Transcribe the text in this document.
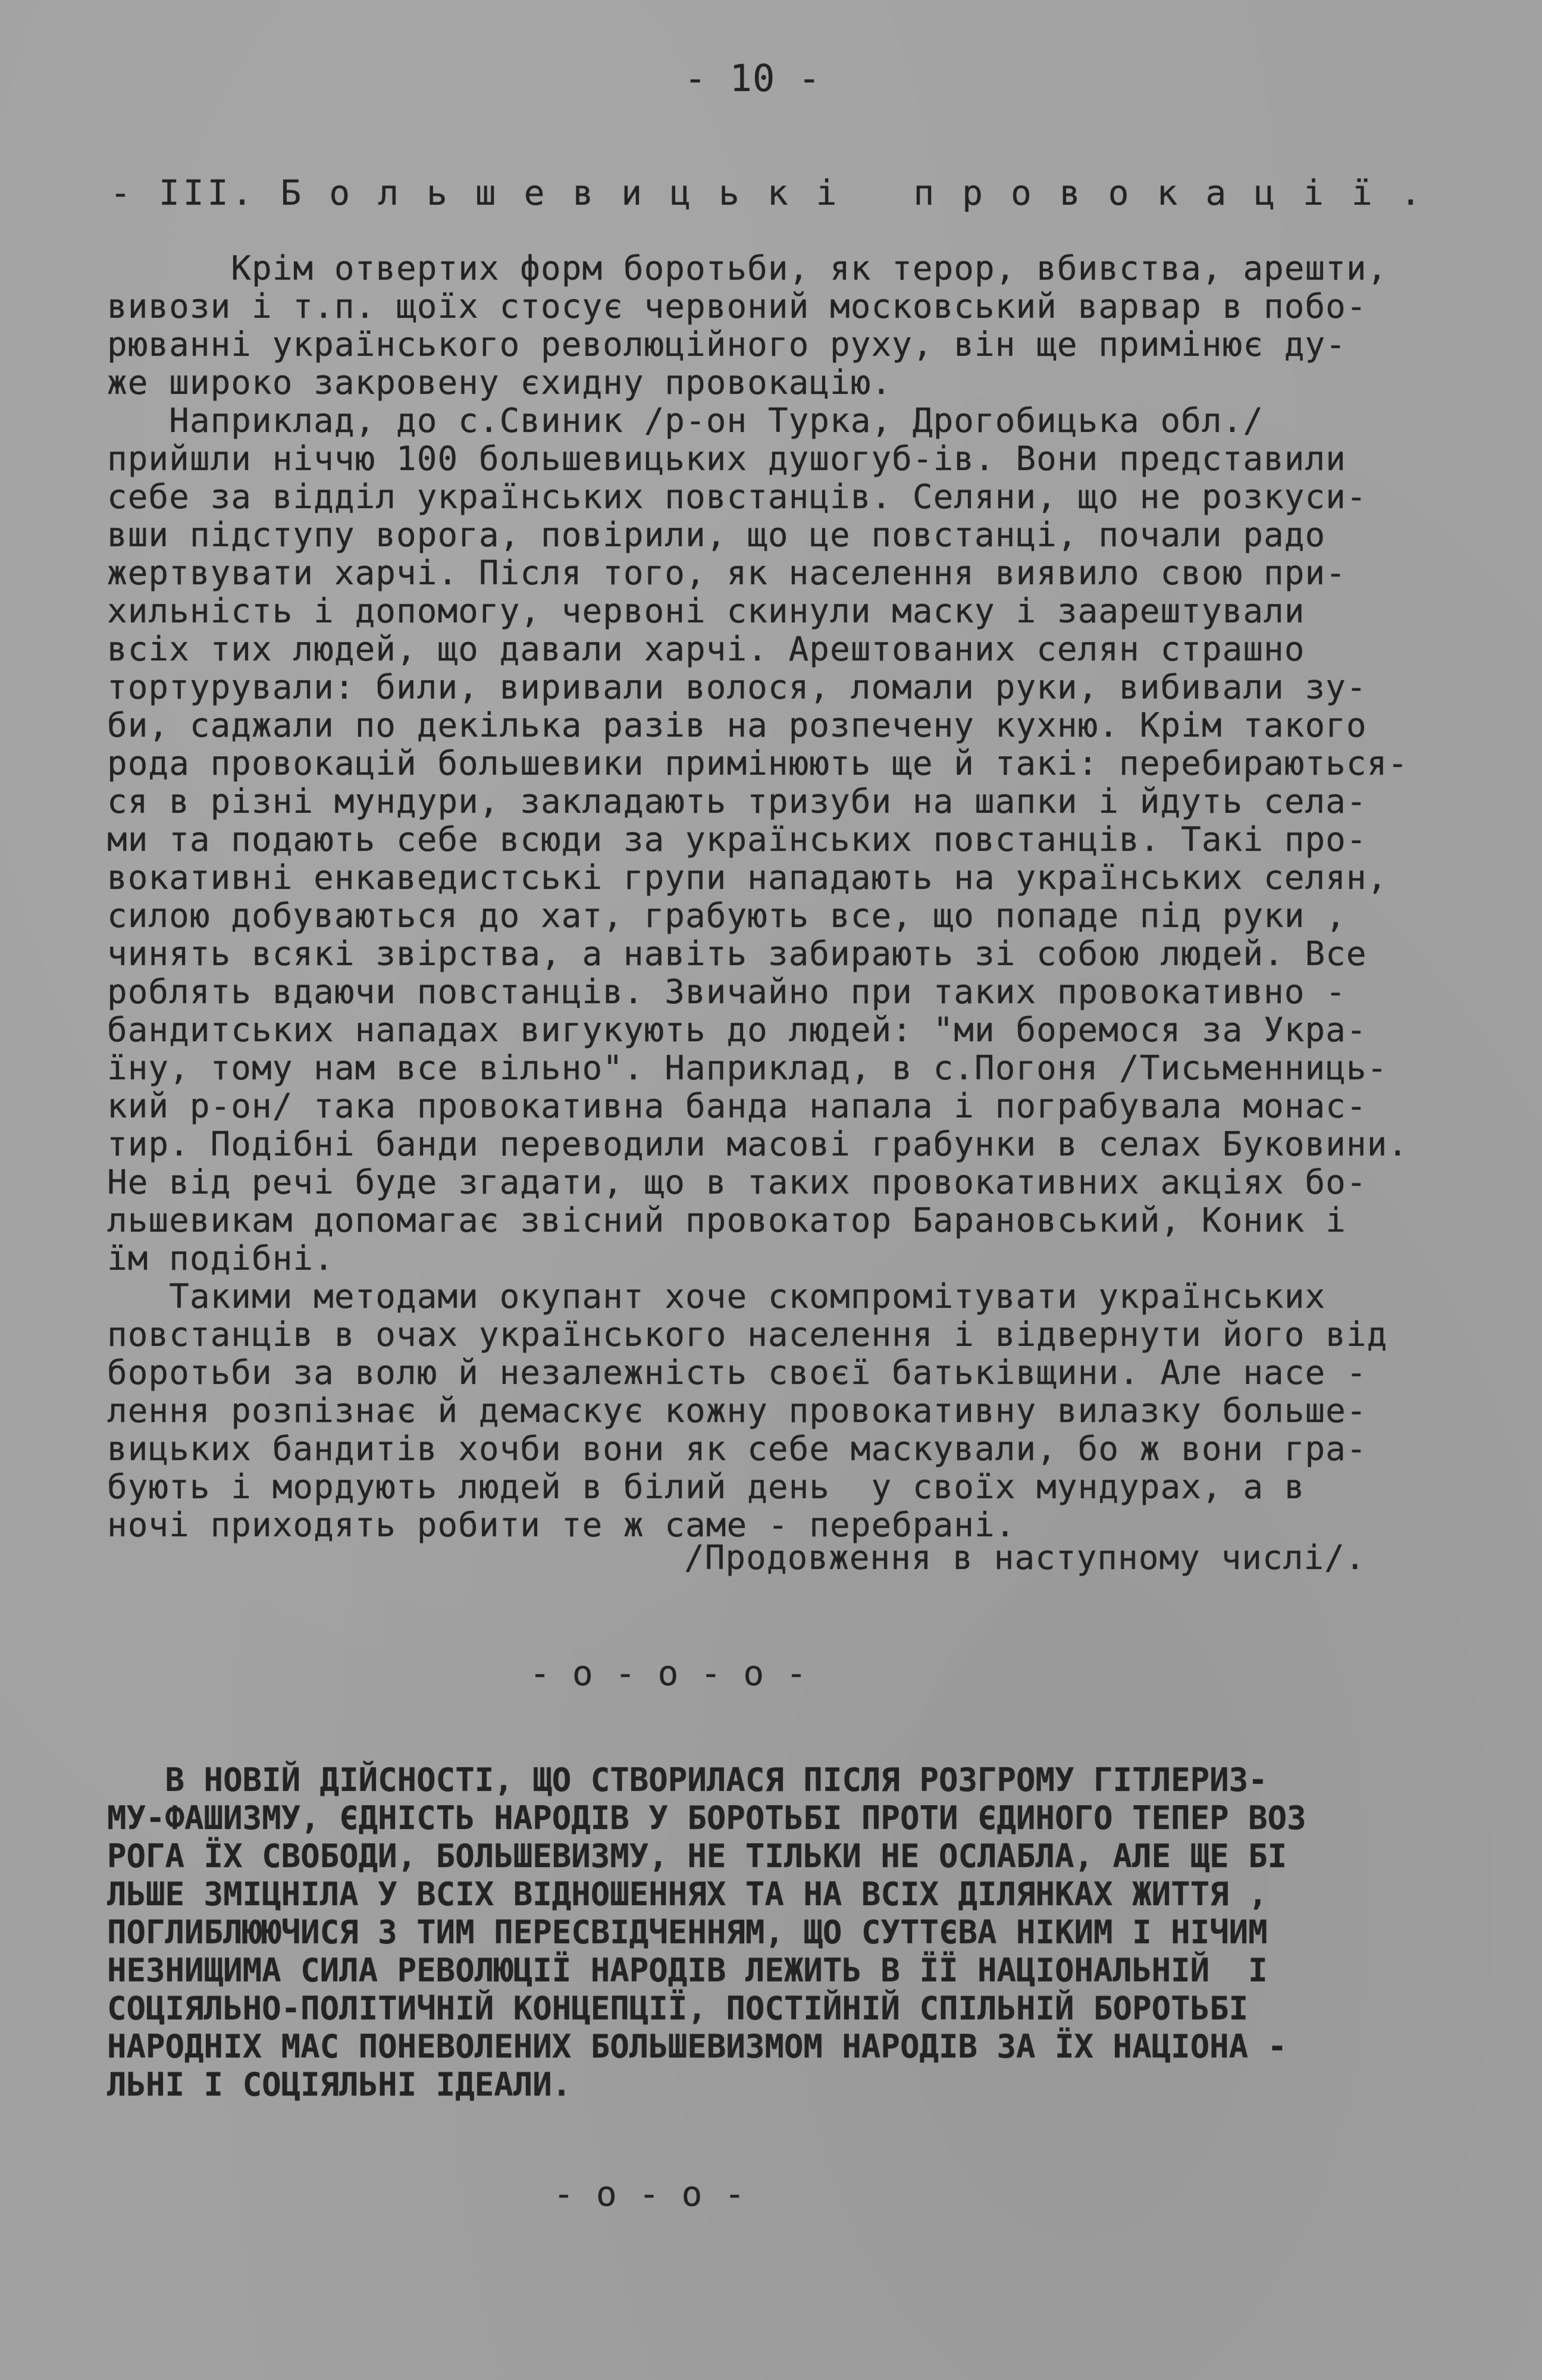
- 10 -
- III. Б о л ь ш е в и ц ь к і   п р о в о к а ц і ї .
Крім отвертих форм боротьби, як терор, вбивства, арешти,
вивози і т.п. щоїх стосує червоний московський варвар в побо-
рюванні українського революційного руху, він ще примінює ду-
же широко закровену єхидну провокацію.
Наприклад, до с.Свиник /р-он Турка, Дрогобицька обл./
прийшли ніччю 100 большевицьких душогуб-ів. Вони представили
себе за відділ українських повстанців. Селяни, що не розкуси-
вши підступу ворога, повірили, що це повстанці, почали радо
жертвувати харчі. Після того, як населення виявило свою при-
хильність і допомогу, червоні скинули маску і заарештували
всіх тих людей, що давали харчі. Арештованих селян страшно
тортурували: били, виривали волося, ломали руки, вибивали зу-
би, саджали по декілька разів на розпечену кухню. Крім такого
рода провокацій большевики примінюють ще й такі: перебираються-
ся в різні мундури, закладають тризуби на шапки і йдуть села-
ми та подають себе всюди за українських повстанців. Такі про-
вокативні енкаведистські групи нападають на українських селян,
силою добуваються до хат, грабують все, що попаде під руки ,
чинять всякі звірства, а навіть забирають зі собою людей. Все
роблять вдаючи повстанців. Звичайно при таких провокативно -
бандитських нападах вигукують до людей: "ми боремося за Укра-
їну, тому нам все вільно". Наприклад, в с.Погоня /Тисьменниць-
кий р-он/ така провокативна банда напала і пограбувала монас-
тир. Подібні банди переводили масові грабунки в селах Буковини.
Не від речі буде згадати, що в таких провокативних акціях бо-
льшевикам допомагає звісний провокатор Барановський, Коник і
їм подібні.
Такими методами окупант хоче скомпромітувати українських
повстанців в очах українського населення і відвернути його від
боротьби за волю й незалежність своєї батьківщини. Але насе -
лення розпізнає й демаскує кожну провокативну вилазку больше-
вицьких бандитів хочби вони як себе маскували, бо ж вони гра-
бують і мордують людей в білий день  у своїх мундурах, а в
ночі приходять робити те ж саме - перебрані.
/Продовження в наступному числі/.
- о - о - о -
В НОВІЙ ДІЙСНОСТІ, ЩО СТВОРИЛАСЯ ПІСЛЯ РОЗГРОМУ ГІТЛЕРИЗ-
МУ-ФАШИЗМУ, ЄДНІСТЬ НАРОДІВ У БОРОТЬБІ ПРОТИ ЄДИНОГО ТЕПЕР ВОЗ
РОГА ЇХ СВОБОДИ, БОЛЬШЕВИЗМУ, НЕ ТІЛЬКИ НЕ ОСЛАБЛА, АЛЕ ЩЕ БІ
ЛЬШЕ ЗМІЦНІЛА У ВСІХ ВІДНОШЕННЯХ ТА НА ВСІХ ДІЛЯНКАХ ЖИТТЯ ,
ПОГЛИБЛЮЮЧИСЯ З ТИМ ПЕРЕСВІДЧЕННЯМ, ЩО СУТТЄВА НІКИМ І НІЧИМ
НЕЗНИЩИМА СИЛА РЕВОЛЮЦІЇ НАРОДІВ ЛЕЖИТЬ В ЇЇ НАЦІОНАЛЬНІЙ  І
СОЦІЯЛЬНО-ПОЛІТИЧНІЙ КОНЦЕПЦІЇ, ПОСТІЙНІЙ СПІЛЬНІЙ БОРОТЬБІ
НАРОДНІХ МАС ПОНЕВОЛЕНИХ БОЛЬШЕВИЗМОМ НАРОДІВ ЗА ЇХ НАЦІОНА -
ЛЬНІ І СОЦІЯЛЬНІ ІДЕАЛИ.
- о - о -
